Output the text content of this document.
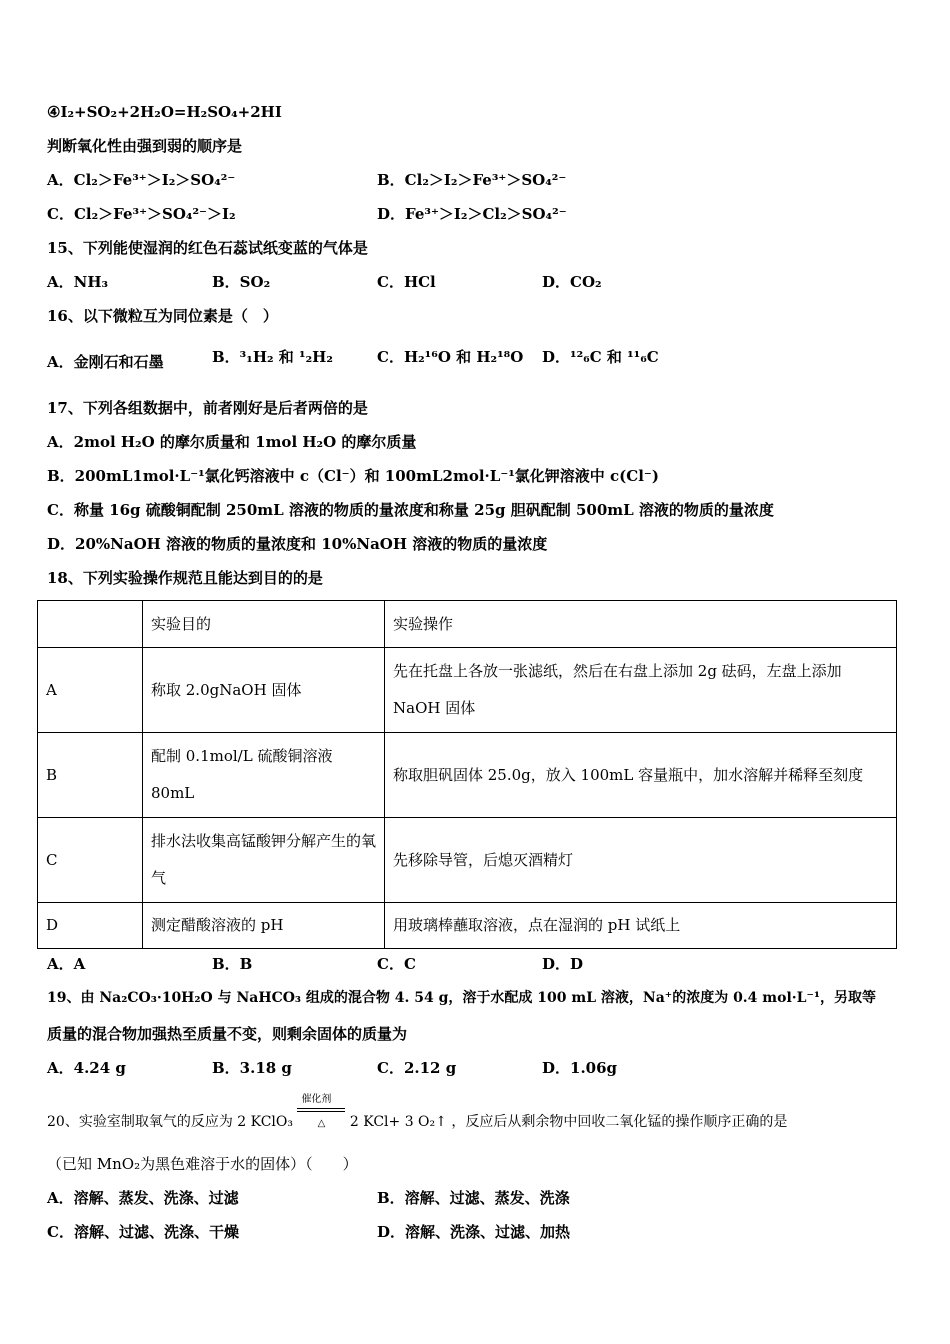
④I₂+SO₂+2H₂O=H₂SO₄+2HI
判断氧化性由强到弱的顺序是
A．Cl₂＞Fe³⁺＞I₂＞SO₄²⁻	B．Cl₂＞I₂＞Fe³⁺＞SO₄²⁻
C．Cl₂＞Fe³⁺＞SO₄²⁻＞I₂	D．Fe³⁺＞I₂＞Cl₂＞SO₄²⁻
15、下列能使湿润的红色石蕊试纸变蓝的气体是
A．NH₃	B．SO₂	C．HCl	D．CO₂
16、以下微粒互为同位素是（　）
A．金刚石和石墨	B．³₁H₂ 和 ¹₂H₂	C．H₂¹⁶O 和 H₂¹⁸O D．¹²₆C 和 ¹¹₆C
17、下列各组数据中，前者刚好是后者两倍的是
A．2mol H₂O 的摩尔质量和 1mol H₂O 的摩尔质量
B．200mL1mol·L⁻¹氯化钙溶液中 c（Cl⁻）和 100mL2mol·L⁻¹氯化钾溶液中 c(Cl⁻)
C．称量 16g 硫酸铜配制 250mL 溶液的物质的量浓度和称量 25g 胆矾配制 500mL 溶液的物质的量浓度
D．20%NaOH 溶液的物质的量浓度和 10%NaOH 溶液的物质的量浓度
18、下列实验操作规范且能达到目的的是
	实验目的	实验操作
A	称取 2.0gNaOH 固体	先在托盘上各放一张滤纸，然后在右盘上添加 2g 砝码，左盘上添加 NaOH 固体
B	配制 0.1mol/L 硫酸铜溶液 80mL	称取胆矾固体 25.0g，放入 100mL 容量瓶中，加水溶解并稀释至刻度
C	排水法收集高锰酸钾分解产生的氧气	先移除导管，后熄灭酒精灯
D	测定醋酸溶液的 pH	用玻璃棒蘸取溶液，点在湿润的 pH 试纸上
A．A	B．B	C．C	D．D
19、由 Na₂CO₃·10H₂O 与 NaHCO₃ 组成的混合物 4. 54 g，溶于水配成 100 mL 溶液，Na⁺的浓度为 0.4 mol·L⁻¹，另取等
质量的混合物加强热至质量不变，则剩余固体的质量为
A．4.24 g	B．3.18 g	C．2.12 g	D．1.06g
20、实验室制取氧气的反应为 2 KClO₃
催化剂
△ 2 KCl+ 3 O₂↑ ，反应后从剩余物中回收二氧化锰的操作顺序正确的是
（已知 MnO₂为黑色难溶于水的固体）（　　）
A．溶解、蒸发、洗涤、过滤	B．溶解、过滤、蒸发、洗涤
C．溶解、过滤、洗涤、干燥	D．溶解、洗涤、过滤、加热
